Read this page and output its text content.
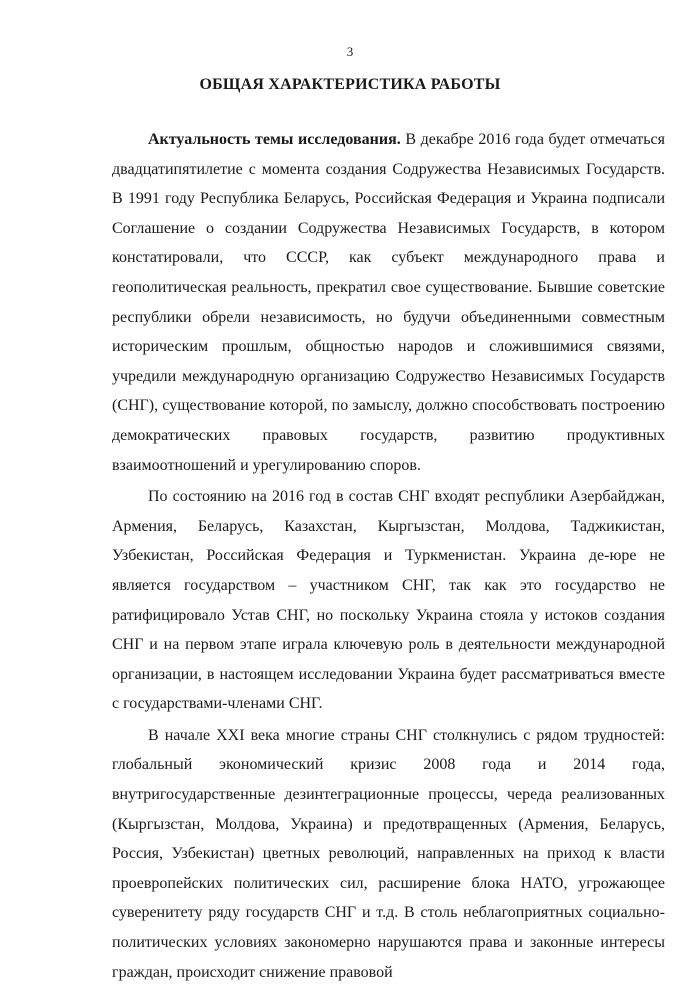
3
ОБЩАЯ ХАРАКТЕРИСТИКА РАБОТЫ

Актуальность темы исследования. В декабре 2016 года будет отмечаться двадцатипятилетие с момента создания Содружества Независимых Государств. В 1991 году Республика Беларусь, Российская Федерация и Украина подписали Соглашение о создании Содружества Независимых Государств, в котором констатировали, что СССР, как субъект международного права и геополитическая реальность, прекратил свое существование. Бывшие советские республики обрели независимость, но будучи объединенными совместным историческим прошлым, общностью народов и сложившимися связями, учредили международную организацию Содружество Независимых Государств (СНГ), существование которой, по замыслу, должно способствовать построению демократических правовых государств, развитию продуктивных взаимоотношений и урегулированию споров.

По состоянию на 2016 год в состав СНГ входят республики Азербайджан, Армения, Беларусь, Казахстан, Кыргызстан, Молдова, Таджикистан, Узбекистан, Российская Федерация и Туркменистан. Украина де-юре не является государством – участником СНГ, так как это государство не ратифицировало Устав СНГ, но поскольку Украина стояла у истоков создания СНГ и на первом этапе играла ключевую роль в деятельности международной организации, в настоящем исследовании Украина будет рассматриваться вместе с государствами-членами СНГ.

В начале XXI века многие страны СНГ столкнулись с рядом трудностей: глобальный экономический кризис 2008 года и 2014 года, внутригосударственные дезинтеграционные процессы, череда реализованных (Кыргызстан, Молдова, Украина) и предотвращенных (Армения, Беларусь, Россия, Узбекистан) цветных революций, направленных на приход к власти проевропейских политических сил, расширение блока НАТО, угрожающее суверенитету ряду государств СНГ и т.д. В столь неблагоприятных социально-политических условиях закономерно нарушаются права и законные интересы граждан, происходит снижение правовой
